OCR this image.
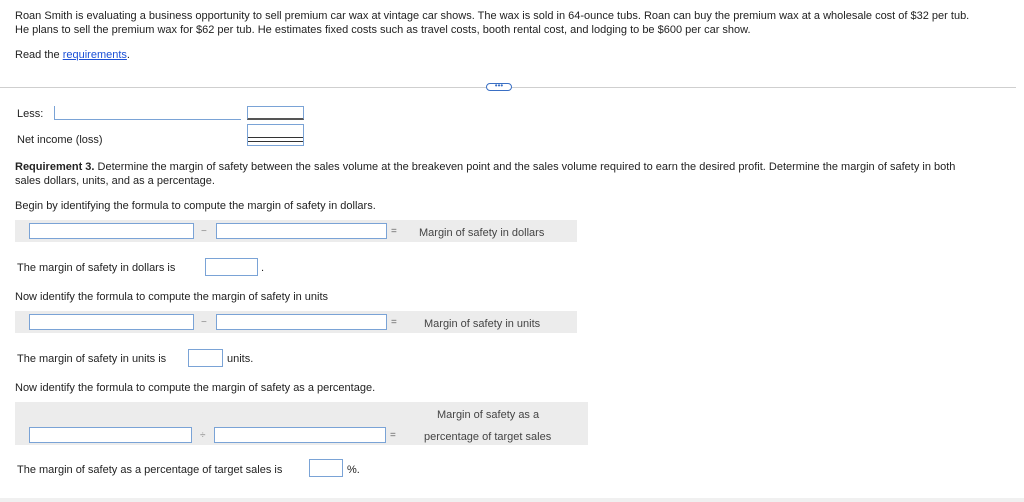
Roan Smith is evaluating a business opportunity to sell premium car wax at vintage car shows. The wax is sold in 64-ounce tubs. Roan can buy the premium wax at a wholesale cost of $32 per tub.
He plans to sell the premium wax for $62 per tub. He estimates fixed costs such as travel costs, booth rental cost, and lodging to be $600 per car show.
Read the requirements.
•••
Less:
Net income (loss)
Requirement 3. Determine the margin of safety between the sales volume at the breakeven point and the sales volume required to earn the desired profit. Determine the margin of safety in both
sales dollars, units, and as a percentage.
Begin by identifying the formula to compute the margin of safety in dollars.
−	= Margin of safety in dollars
The margin of safety in dollars is	.
Now identify the formula to compute the margin of safety in units
−	= Margin of safety in units
The margin of safety in units is	units.
Now identify the formula to compute the margin of safety as a percentage.
÷	=
Margin of safety as a
percentage of target sales
The margin of safety as a percentage of target sales is	%.
